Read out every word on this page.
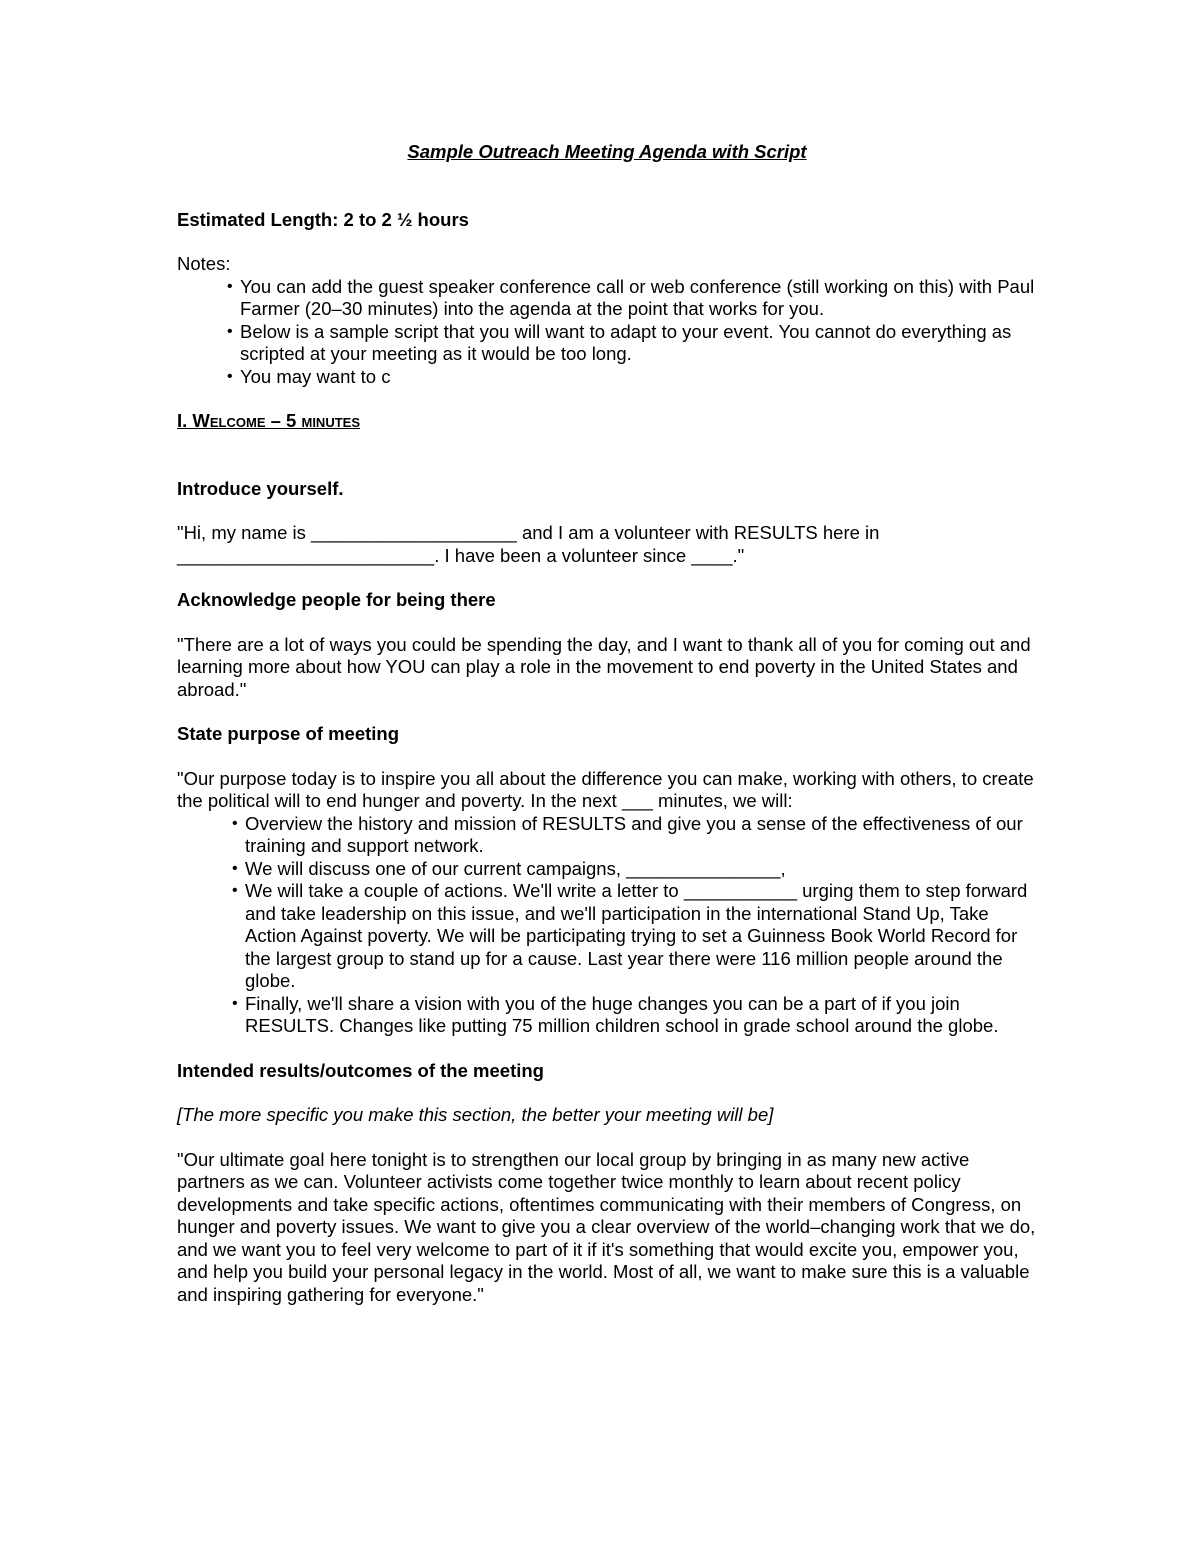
Sample Outreach Meeting Agenda with Script

Estimated Length: 2 to 2 ½ hours

Notes:

• You can add the guest speaker conference call or web conference (still working on this) with Paul Farmer (20–30 minutes) into the agenda at the point that works for you.
• Below is a sample script that you will want to adapt to your event. You cannot do everything as scripted at your meeting as it would be too long.
• You may want to c

I. Welcome – 5 minutes

Introduce yourself.

"Hi, my name is ____________________ and I am a volunteer with RESULTS here in _________________________. I have been a volunteer since ____."

Acknowledge people for being there

"There are a lot of ways you could be spending the day, and I want to thank all of you for coming out and learning more about how YOU can play a role in the movement to end poverty in the United States and abroad."

State purpose of meeting

"Our purpose today is to inspire you all about the difference you can make, working with others, to create the political will to end hunger and poverty. In the next ___ minutes, we will:

• Overview the history and mission of RESULTS and give you a sense of the effectiveness of our training and support network.
• We will discuss one of our current campaigns, _______________,
• We will take a couple of actions. We'll write a letter to ___________ urging them to step forward and take leadership on this issue, and we'll participation in the international Stand Up, Take Action Against poverty. We will be participating trying to set a Guinness Book World Record for the largest group to stand up for a cause. Last year there were 116 million people around the globe.
• Finally, we'll share a vision with you of the huge changes you can be a part of if you join RESULTS. Changes like putting 75 million children school in grade school around the globe.

Intended results/outcomes of the meeting

[The more specific you make this section, the better your meeting will be]

"Our ultimate goal here tonight is to strengthen our local group by bringing in as many new active partners as we can. Volunteer activists come together twice monthly to learn about recent policy developments and take specific actions, oftentimes communicating with their members of Congress, on hunger and poverty issues. We want to give you a clear overview of the world–changing work that we do, and we want you to feel very welcome to part of it if it's something that would excite you, empower you, and help you build your personal legacy in the world. Most of all, we want to make sure this is a valuable and inspiring gathering for everyone."
